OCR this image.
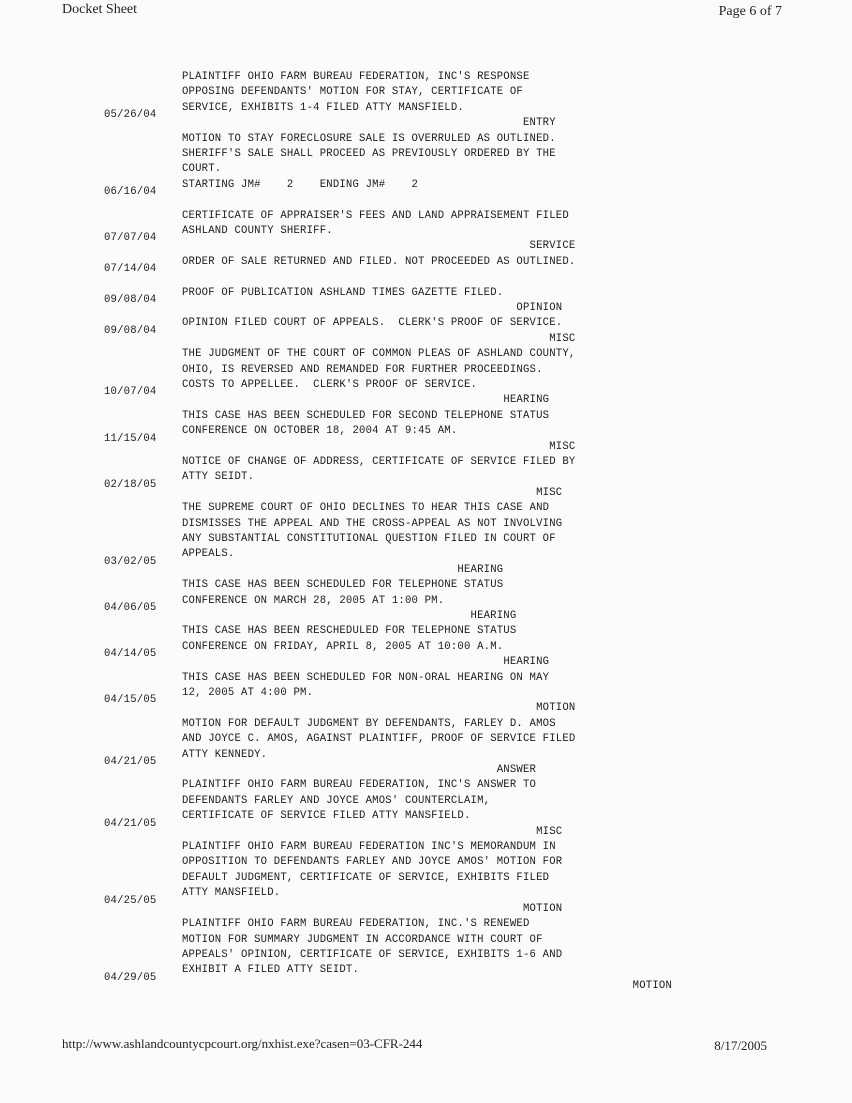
Docket Sheet	Page 6 of 7
PLAINTIFF OHIO FARM BUREAU FEDERATION, INC'S RESPONSE
OPPOSING DEFENDANTS' MOTION FOR STAY, CERTIFICATE OF
SERVICE, EXHIBITS 1-4 FILED ATTY MANSFIELD.
05/26/04
ENTRY
MOTION TO STAY FORECLOSURE SALE IS OVERRULED AS OUTLINED.
SHERIFF'S SALE SHALL PROCEED AS PREVIOUSLY ORDERED BY THE
COURT.
STARTING JM#    2    ENDING JM#    2
06/16/04
CERTIFICATE OF APPRAISER'S FEES AND LAND APPRAISEMENT FILED
ASHLAND COUNTY SHERIFF.
07/07/04
SERVICE
ORDER OF SALE RETURNED AND FILED. NOT PROCEEDED AS OUTLINED.
07/14/04
PROOF OF PUBLICATION ASHLAND TIMES GAZETTE FILED.
09/08/04
OPINION
OPINION FILED COURT OF APPEALS.  CLERK'S PROOF OF SERVICE.
09/08/04
MISC
THE JUDGMENT OF THE COURT OF COMMON PLEAS OF ASHLAND COUNTY,
OHIO, IS REVERSED AND REMANDED FOR FURTHER PROCEEDINGS.
COSTS TO APPELLEE.  CLERK'S PROOF OF SERVICE.
10/07/04
HEARING
THIS CASE HAS BEEN SCHEDULED FOR SECOND TELEPHONE STATUS
CONFERENCE ON OCTOBER 18, 2004 AT 9:45 AM.
11/15/04
MISC
NOTICE OF CHANGE OF ADDRESS, CERTIFICATE OF SERVICE FILED BY
ATTY SEIDT.
02/18/05
MISC
THE SUPREME COURT OF OHIO DECLINES TO HEAR THIS CASE AND
DISMISSES THE APPEAL AND THE CROSS-APPEAL AS NOT INVOLVING
ANY SUBSTANTIAL CONSTITUTIONAL QUESTION FILED IN COURT OF
APPEALS.
03/02/05
HEARING
THIS CASE HAS BEEN SCHEDULED FOR TELEPHONE STATUS
CONFERENCE ON MARCH 28, 2005 AT 1:00 PM.
04/06/05
HEARING
THIS CASE HAS BEEN RESCHEDULED FOR TELEPHONE STATUS
CONFERENCE ON FRIDAY, APRIL 8, 2005 AT 10:00 A.M.
04/14/05
HEARING
THIS CASE HAS BEEN SCHEDULED FOR NON-ORAL HEARING ON MAY
12, 2005 AT 4:00 PM.
04/15/05
MOTION
MOTION FOR DEFAULT JUDGMENT BY DEFENDANTS, FARLEY D. AMOS
AND JOYCE C. AMOS, AGAINST PLAINTIFF, PROOF OF SERVICE FILED
ATTY KENNEDY.
04/21/05
ANSWER
PLAINTIFF OHIO FARM BUREAU FEDERATION, INC'S ANSWER TO
DEFENDANTS FARLEY AND JOYCE AMOS' COUNTERCLAIM,
CERTIFICATE OF SERVICE FILED ATTY MANSFIELD.
04/21/05
MISC
PLAINTIFF OHIO FARM BUREAU FEDERATION INC'S MEMORANDUM IN
OPPOSITION TO DEFENDANTS FARLEY AND JOYCE AMOS' MOTION FOR
DEFAULT JUDGMENT, CERTIFICATE OF SERVICE, EXHIBITS FILED
ATTY MANSFIELD.
04/25/05
MOTION
PLAINTIFF OHIO FARM BUREAU FEDERATION, INC.'S RENEWED
MOTION FOR SUMMARY JUDGMENT IN ACCORDANCE WITH COURT OF
APPEALS' OPINION, CERTIFICATE OF SERVICE, EXHIBITS 1-6 AND
EXHIBIT A FILED ATTY SEIDT.
04/29/05
MOTION
http://www.ashlandcountycpcourt.org/nxhist.exe?casen=03-CFR-244	8/17/2005
